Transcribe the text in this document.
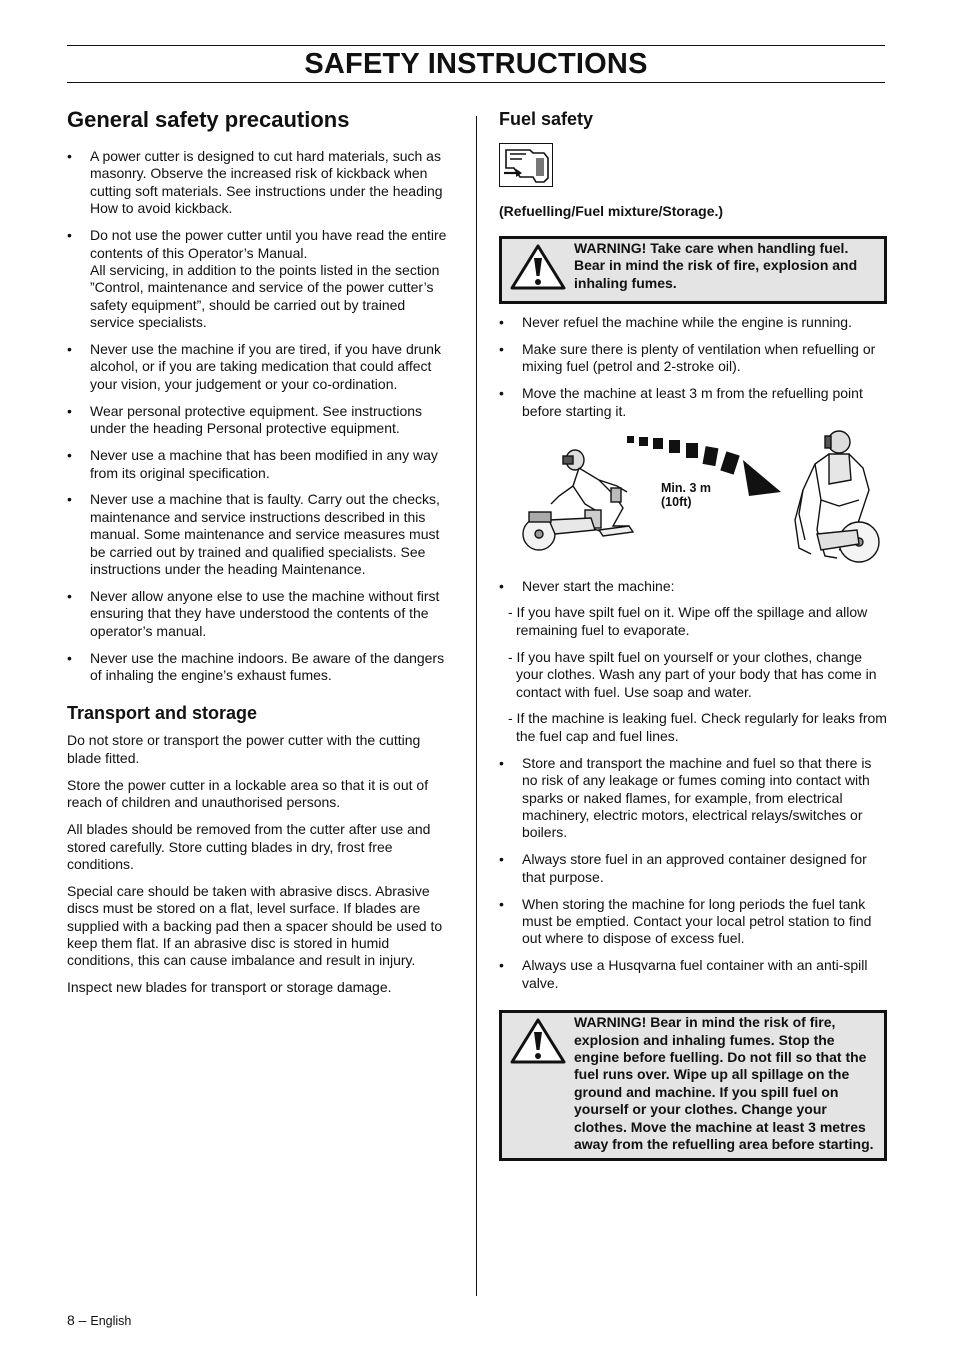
SAFETY INSTRUCTIONS
General safety precautions
• A power cutter is designed to cut hard materials, such as masonry. Observe the increased risk of kickback when cutting soft materials. See instructions under the heading How to avoid kickback.
• Do not use the power cutter until you have read the entire contents of this Operator’s Manual.
All servicing, in addition to the points listed in the section ”Control, maintenance and service of the power cutter’s safety equipment”, should be carried out by trained service specialists.
• Never use the machine if you are tired, if you have drunk alcohol, or if you are taking medication that could affect your vision, your judgement or your co-ordination.
• Wear personal protective equipment. See instructions under the heading Personal protective equipment.
• Never use a machine that has been modified in any way from its original specification.
• Never use a machine that is faulty. Carry out the checks, maintenance and service instructions described in this manual. Some maintenance and service measures must be carried out by trained and qualified specialists. See instructions under the heading Maintenance.
• Never allow anyone else to use the machine without first ensuring that they have understood the contents of the operator’s manual.
• Never use the machine indoors. Be aware of the dangers of inhaling the engine’s exhaust fumes.
Transport and storage

Do not store or transport the power cutter with the cutting blade fitted.

Store the power cutter in a lockable area so that it is out of reach of children and unauthorised persons.

All blades should be removed from the cutter after use and stored carefully. Store cutting blades in dry, frost free conditions.

Special care should be taken with abrasive discs. Abrasive discs must be stored on a flat, level surface. If blades are supplied with a backing pad then a spacer should be used to keep them flat. If an abrasive disc is stored in humid conditions, this can cause imbalance and result in injury.

Inspect new blades for transport or storage damage.

Fuel safety
(Refuelling/Fuel mixture/Storage.)
WARNING! Take care when handling fuel. Bear in mind the risk of fire, explosion and inhaling fumes.
• Never refuel the machine while the engine is running.
• Make sure there is plenty of ventilation when refuelling or mixing fuel (petrol and 2-stroke oil).
• Move the machine at least 3 m from the refuelling point before starting it.
Min. 3 m
(10ft)
• Never start the machine:
- If you have spilt fuel on it. Wipe off the spillage and allow remaining fuel to evaporate.
- If you have spilt fuel on yourself or your clothes, change your clothes. Wash any part of your body that has come in contact with fuel. Use soap and water.
- If the machine is leaking fuel. Check regularly for leaks from the fuel cap and fuel lines.
• Store and transport the machine and fuel so that there is no risk of any leakage or fumes coming into contact with sparks or naked flames, for example, from electrical machinery, electric motors, electrical relays/switches or boilers.
• Always store fuel in an approved container designed for that purpose.
• When storing the machine for long periods the fuel tank must be emptied. Contact your local petrol station to find out where to dispose of excess fuel.
• Always use a Husqvarna fuel container with an anti-spill valve.
WARNING! Bear in mind the risk of fire, explosion and inhaling fumes. Stop the engine before fuelling. Do not fill so that the fuel runs over. Wipe up all spillage on the ground and machine. If you spill fuel on yourself or your clothes. Change your clothes. Move the machine at least 3 metres away from the refuelling area before starting.
8 – English
